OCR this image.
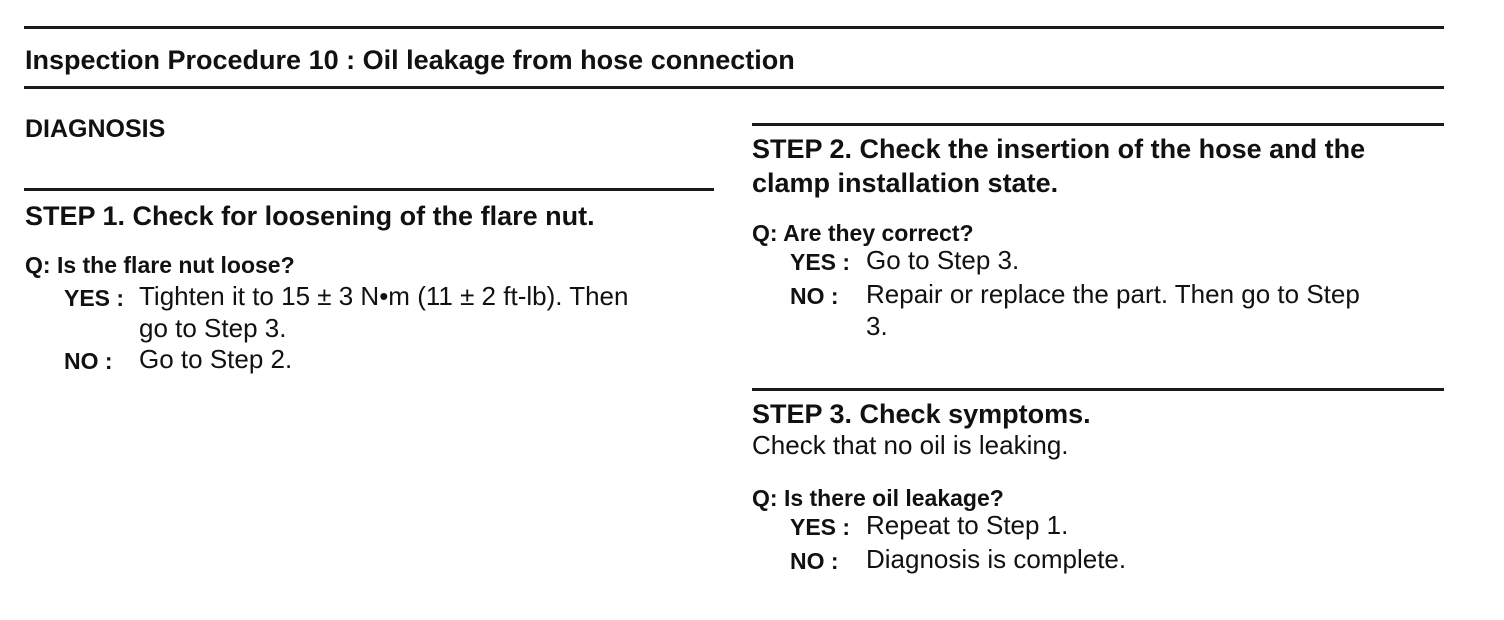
Inspection Procedure 10 : Oil leakage from hose connection
DIAGNOSIS
STEP 1. Check for loosening of the flare nut.
Q: Is the flare nut loose?
YES : Tighten it to 15 ± 3 N•m (11 ± 2 ft-lb). Then
go to Step 3.
NO : Go to Step 2.
STEP 2. Check the insertion of the hose and the
clamp installation state.
Q: Are they correct?
YES : Go to Step 3.
NO : Repair or replace the part. Then go to Step
3.
STEP 3. Check symptoms.
Check that no oil is leaking.
Q: Is there oil leakage?
YES : Repeat to Step 1.
NO : Diagnosis is complete.
